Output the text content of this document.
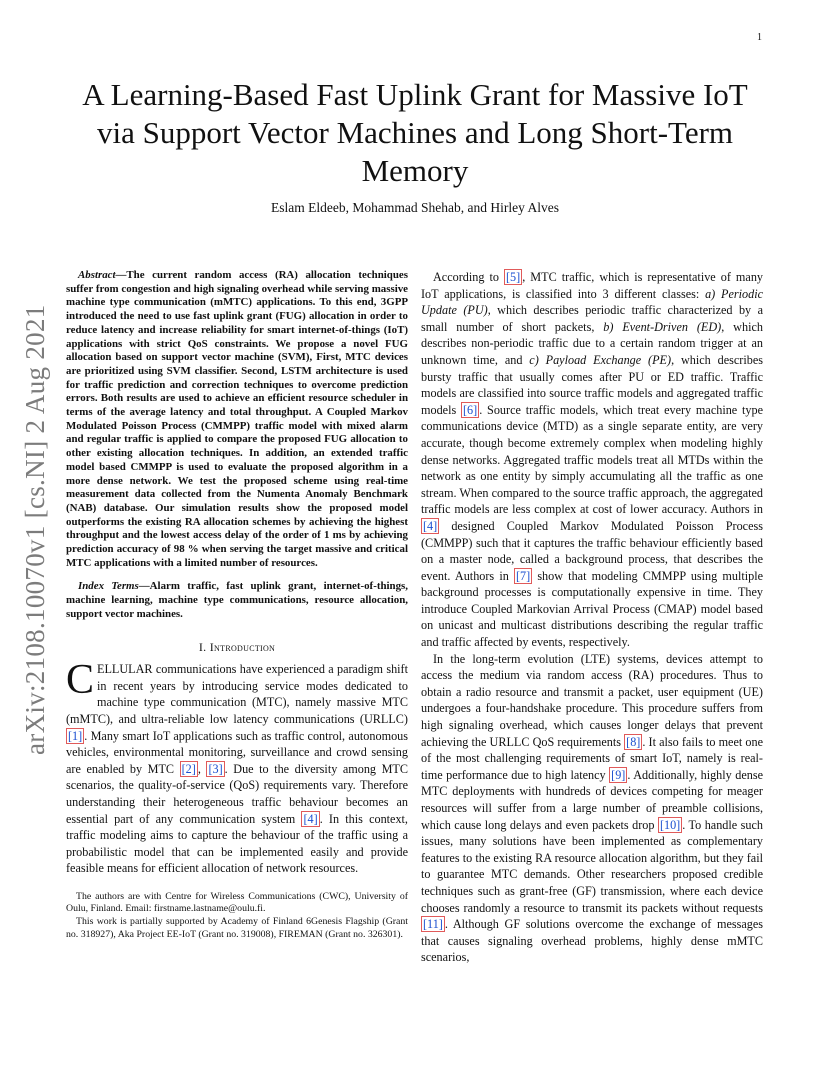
1
arXiv:2108.10070v1 [cs.NI] 2 Aug 2021
A Learning-Based Fast Uplink Grant for Massive IoT via Support Vector Machines and Long Short-Term Memory
Eslam Eldeeb, Mohammad Shehab, and Hirley Alves

Abstract—The current random access (RA) allocation techniques suffer from congestion and high signaling overhead while serving massive machine type communication (mMTC) applications. To this end, 3GPP introduced the need to use fast uplink grant (FUG) allocation in order to reduce latency and increase reliability for smart internet-of-things (IoT) applications with strict QoS constraints. We propose a novel FUG allocation based on support vector machine (SVM), First, MTC devices are prioritized using SVM classifier. Second, LSTM architecture is used for traffic prediction and correction techniques to overcome prediction errors. Both results are used to achieve an efficient resource scheduler in terms of the average latency and total throughput. A Coupled Markov Modulated Poisson Process (CMMPP) traffic model with mixed alarm and regular traffic is applied to compare the proposed FUG allocation to other existing allocation techniques. In addition, an extended traffic model based CMMPP is used to evaluate the proposed algorithm in a more dense network. We test the proposed scheme using real-time measurement data collected from the Numenta Anomaly Benchmark (NAB) database. Our simulation results show the proposed model outperforms the existing RA allocation schemes by achieving the highest throughput and the lowest access delay of the order of 1 ms by achieving prediction accuracy of 98 % when serving the target massive and critical MTC applications with a limited number of resources.

Index Terms—Alarm traffic, fast uplink grant, internet-of-things, machine learning, machine type communications, resource allocation, support vector machines.

I. Introduction

CELLULAR communications have experienced a paradigm shift in recent years by introducing service modes dedicated to machine type communication (MTC), namely massive MTC (mMTC), and ultra-reliable low latency communications (URLLC) [1] . Many smart IoT applications such as traffic control, autonomous vehicles, environmental monitoring, surveillance and crowd sensing are enabled by MTC [2] , [3] . Due to the diversity among MTC scenarios, the quality-of-service (QoS) requirements vary. Therefore understanding their heterogeneous traffic behaviour becomes an essential part of any communication system [4] . In this context, traffic modeling aims to capture the behaviour of the traffic using a probabilistic model that can be implemented easily and provide feasible means for efficient allocation of network resources.

The authors are with Centre for Wireless Communications (CWC), University of Oulu, Finland. Email: firstname.lastname@oulu.fi.

This work is partially supported by Academy of Finland 6Genesis Flagship (Grant no. 318927), Aka Project EE-IoT (Grant no. 319008), FIREMAN (Grant no. 326301).

According to [5] , MTC traffic, which is representative of many IoT applications, is classified into 3 different classes: a) Periodic Update (PU), which describes periodic traffic characterized by a small number of short packets, b) Event-Driven (ED), which describes non-periodic traffic due to a certain random trigger at an unknown time, and c) Payload Exchange (PE), which describes bursty traffic that usually comes after PU or ED traffic. Traffic models are classified into source traffic models and aggregated traffic models [6] . Source traffic models, which treat every machine type communications device (MTD) as a single separate entity, are very accurate, though become extremely complex when modeling highly dense networks. Aggregated traffic models treat all MTDs within the network as one entity by simply accumulating all the traffic as one stream. When compared to the source traffic approach, the aggregated traffic models are less complex at cost of lower accuracy. Authors in [4] designed Coupled Markov Modulated Poisson Process (CMMPP) such that it captures the traffic behaviour efficiently based on a master node, called a background process, that describes the event. Authors in [7] show that modeling CMMPP using multiple background processes is computationally expensive in time. They introduce Coupled Markovian Arrival Process (CMAP) model based on unicast and multicast distributions describing the regular traffic and traffic affected by events, respectively.

In the long-term evolution (LTE) systems, devices attempt to access the medium via random access (RA) procedures. Thus to obtain a radio resource and transmit a packet, user equipment (UE) undergoes a four-handshake procedure. This procedure suffers from high signaling overhead, which causes longer delays that prevent achieving the URLLC QoS requirements [8] . It also fails to meet one of the most challenging requirements of smart IoT, namely is real-time performance due to high latency [9] . Additionally, highly dense MTC deployments with hundreds of devices competing for meager resources will suffer from a large number of preamble collisions, which cause long delays and even packets drop [10] . To handle such issues, many solutions have been implemented as complementary features to the existing RA resource allocation algorithm, but they fail to guarantee MTC demands. Other researchers proposed credible techniques such as grant-free (GF) transmission, where each device chooses randomly a resource to transmit its packets without requests [11] . Although GF solutions overcome the exchange of messages that causes signaling overhead problems, highly dense mMTC scenarios,
